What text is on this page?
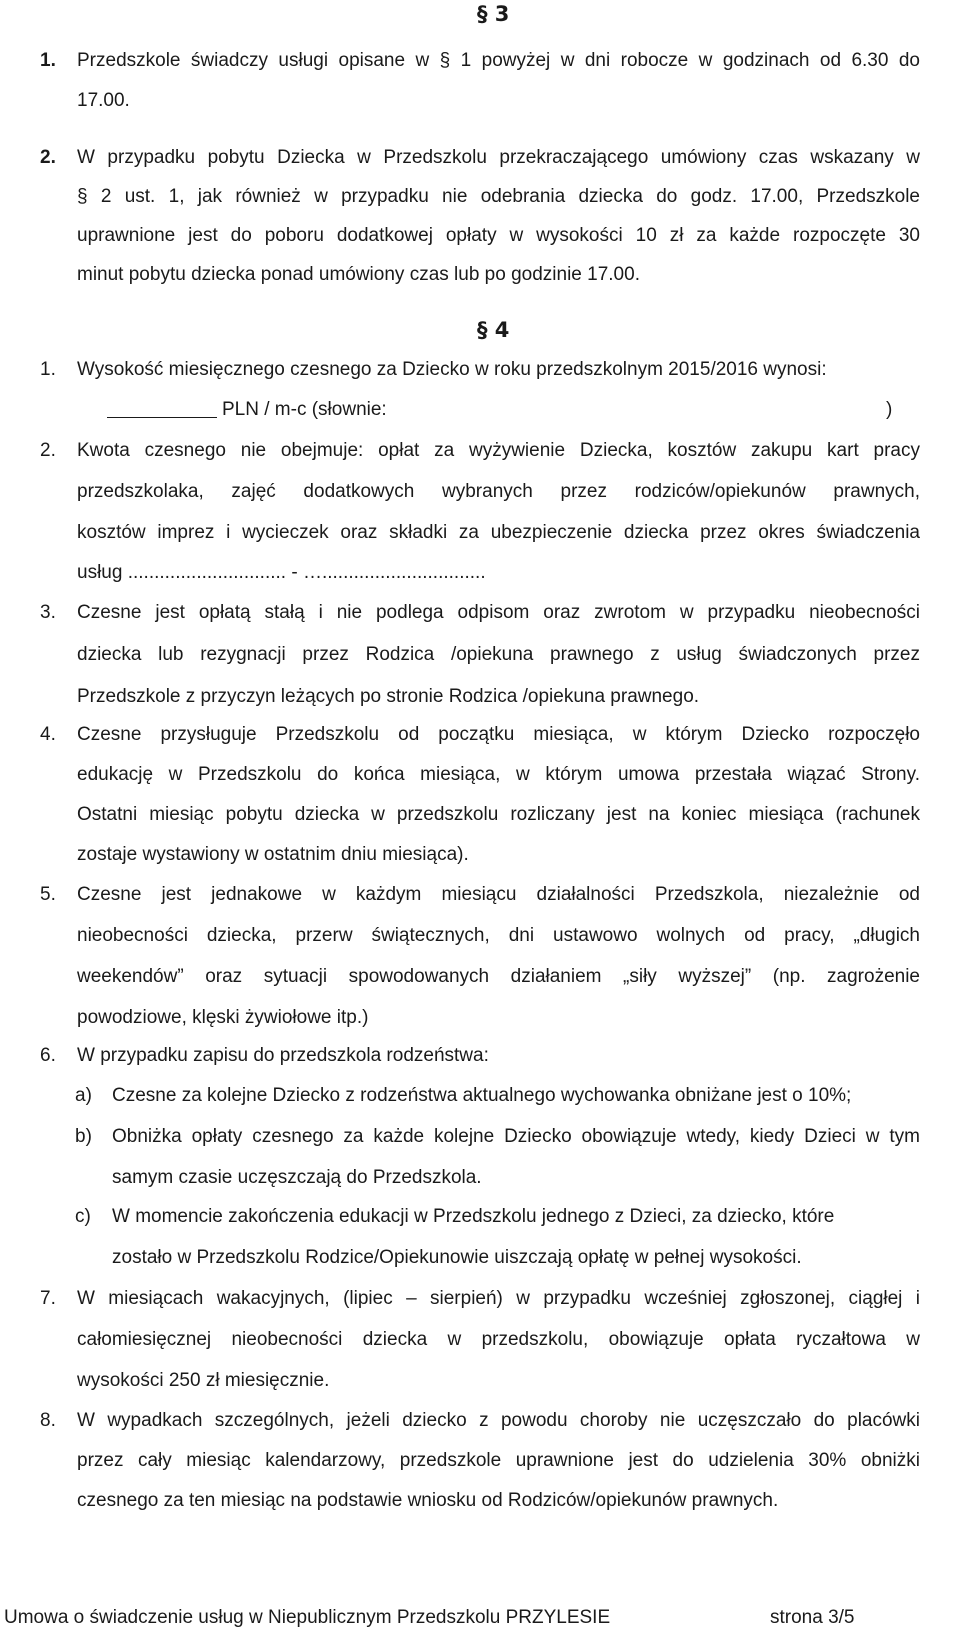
§ 3
1. Przedszkole świadczy usługi opisane w § 1 powyżej w dni robocze w godzinach od 6.30 do
17.00.
2. W przypadku pobytu Dziecka w Przedszkolu przekraczającego umówiony czas wskazany w
§ 2 ust. 1, jak również w przypadku nie odebrania dziecka do godz. 17.00, Przedszkole
uprawnione jest do poboru dodatkowej opłaty w wysokości 10 zł za każde rozpoczęte 30
minut pobytu dziecka ponad umówiony czas lub po godzinie 17.00.
§ 4
1. Wysokość miesięcznego czesnego za Dziecko w roku przedszkolnym 2015/2016 wynosi:
PLN / m-c (słownie:	)
2. Kwota czesnego nie obejmuje: opłat za wyżywienie Dziecka, kosztów zakupu kart pracy
przedszkolaka, zajęć dodatkowych wybranych przez rodziców/opiekunów prawnych,
kosztów imprez i wycieczek oraz składki za ubezpieczenie dziecka przez okres świadczenia
usług .............................. - …...............................
3. Czesne jest opłatą stałą i nie podlega odpisom oraz zwrotom w przypadku nieobecności
dziecka lub rezygnacji przez Rodzica /opiekuna prawnego z usług świadczonych przez
Przedszkole z przyczyn leżących po stronie Rodzica /opiekuna prawnego.
4. Czesne przysługuje Przedszkolu od początku miesiąca, w którym Dziecko rozpoczęło
edukację w Przedszkolu do końca miesiąca, w którym umowa przestała wiązać Strony.
Ostatni miesiąc pobytu dziecka w przedszkolu rozliczany jest na koniec miesiąca (rachunek
zostaje wystawiony w ostatnim dniu miesiąca).
5. Czesne jest jednakowe w każdym miesiącu działalności Przedszkola, niezależnie od
nieobecności dziecka, przerw świątecznych, dni ustawowo wolnych od pracy, „długich
weekendów” oraz sytuacji spowodowanych działaniem „siły wyższej” (np. zagrożenie
powodziowe, klęski żywiołowe itp.)
6. W przypadku zapisu do przedszkola rodzeństwa:
a) Czesne za kolejne Dziecko z rodzeństwa aktualnego wychowanka obniżane jest o 10%;
b) Obniżka opłaty czesnego za każde kolejne Dziecko obowiązuje wtedy, kiedy Dzieci w tym
samym czasie uczęszczają do Przedszkola.
c) W momencie zakończenia edukacji w Przedszkolu jednego z Dzieci, za dziecko, które
zostało w Przedszkolu Rodzice/Opiekunowie uiszczają opłatę w pełnej wysokości.
7. W miesiącach wakacyjnych, (lipiec – sierpień) w przypadku wcześniej zgłoszonej, ciągłej i
całomiesięcznej nieobecności dziecka w przedszkolu, obowiązuje opłata ryczałtowa w
wysokości 250 zł miesięcznie.
8. W wypadkach szczególnych, jeżeli dziecko z powodu choroby nie uczęszczało do placówki
przez cały miesiąc kalendarzowy, przedszkole uprawnione jest do udzielenia 30% obniżki
czesnego za ten miesiąc na podstawie wniosku od Rodziców/opiekunów prawnych.
Umowa o świadczenie usług w Niepublicznym Przedszkolu PRZYLESIE	strona 3/5
